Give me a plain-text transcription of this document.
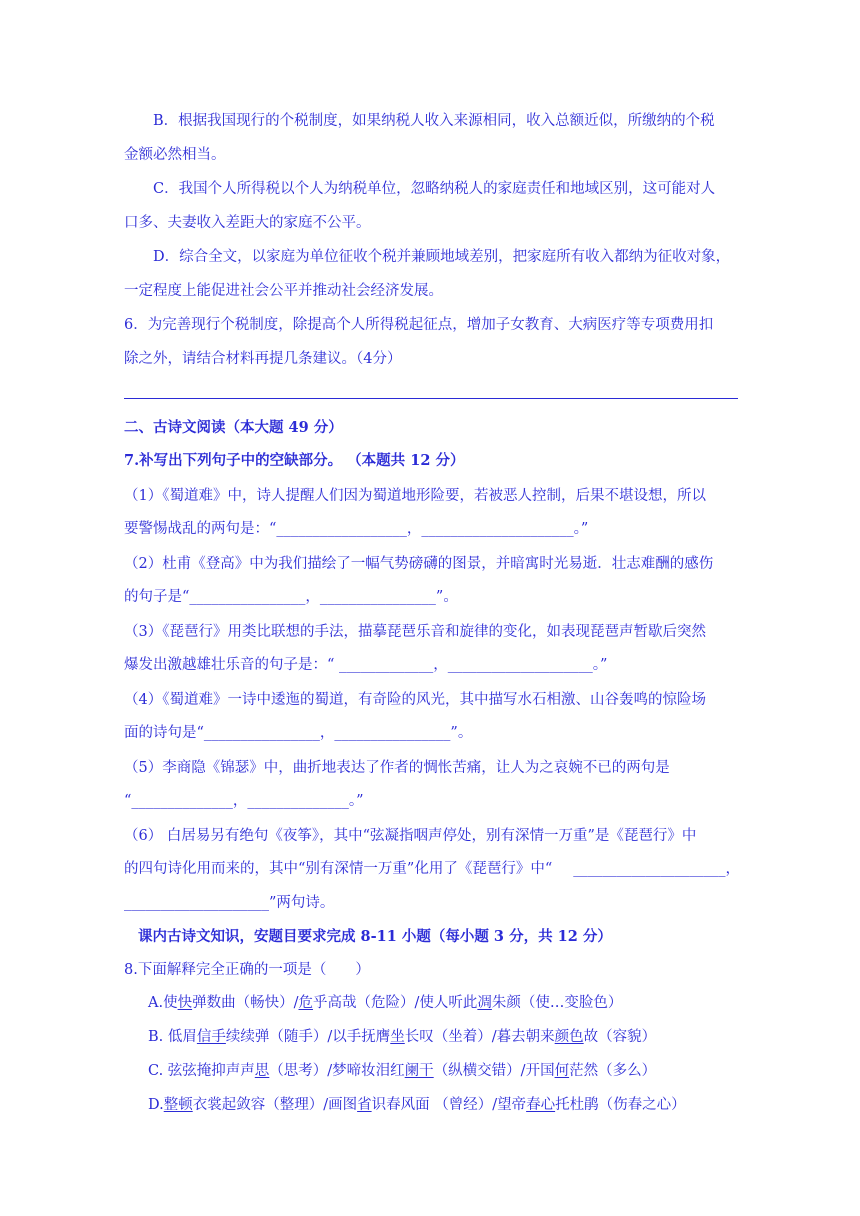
B．根据我国现行的个税制度，如果纳税人收入来源相同，收入总额近似，所缴纳的个税
金额必然相当。
C．我国个人所得税以个人为纳税单位，忽略纳税人的家庭责任和地域区别，这可能对人
口多、夫妻收入差距大的家庭不公平。
D．综合全文，以家庭为单位征收个税并兼顾地域差别，把家庭所有收入都纳为征收对象，
一定程度上能促进社会公平并推动社会经济发展。
6．为完善现行个税制度，除提高个人所得税起征点，增加子女教育、大病医疗等专项费用扣
除之外，请结合材料再提几条建议。（4分）
二、古诗文阅读（本大题 49 分）
7.补写出下列句子中的空缺部分。 （本题共 12 分）
（1）《蜀道难》中，诗人提醒人们因为蜀道地形险要，若被恶人控制，后果不堪设想，所以
要警惕战乱的两句是：“__________________，_____________________。”
（2）杜甫《登高》中为我们描绘了一幅气势磅礴的图景，并暗寓时光易逝．壮志难酬的感伤
的句子是“________________，________________”。
（3）《琵琶行》用类比联想的手法，描摹琵琶乐音和旋律的变化，如表现琵琶声暂歇后突然
爆发出激越雄壮乐音的句子是：“ _____________，____________________。”
（4）《蜀道难》一诗中逶迤的蜀道，有奇险的风光，其中描写水石相激、山谷轰鸣的惊险场
面的诗句是“________________，________________”。
（5）李商隐《锦瑟》中，曲折地表达了作者的惆怅苦痛，让人为之哀婉不已的两句是
“______________，______________。”
（6） 白居易另有绝句《夜筝》，其中“弦凝指咽声停处，别有深情一万重”是《琵琶行》中
的四句诗化用而来的，其中“别有深情一万重”化用了《琵琶行》中“ _____________________，
____________________”两句诗。
课内古诗文知识，安题目要求完成 8-11 小题（每小题 3 分，共 12 分）
8.下面解释完全正确的一项是（　　）
A.使快弹数曲（畅快）/危乎高哉（危险）/使人听此凋朱颜（使…变脸色）
B. 低眉信手续续弹（随手）/以手抚膺坐长叹（坐着）/暮去朝来颜色故（容貌）
C. 弦弦掩抑声声思（思考）/梦啼妆泪红阑干（纵横交错）/开国何茫然（多么）
D.整顿衣裳起敛容（整理）/画图省识春风面 （曾经）/望帝春心托杜鹃（伤春之心）
